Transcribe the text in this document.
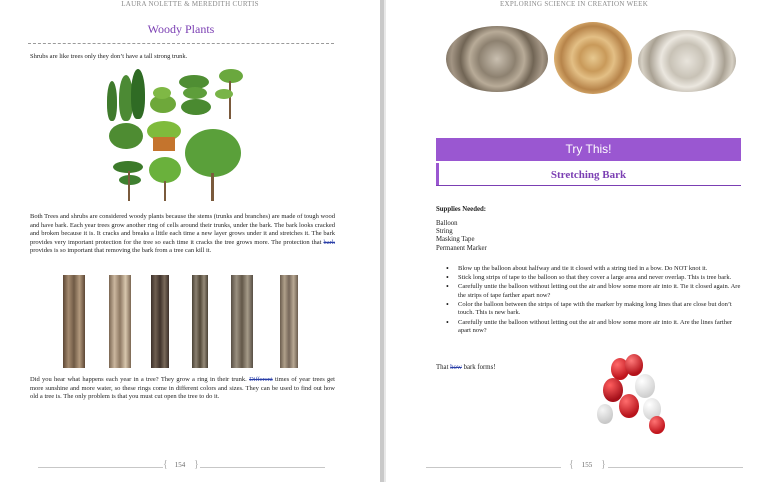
LAURA NOLETTE & MEREDITH CURTIS
Woody Plants
Shrubs are like trees only they don’t have a tall strong trunk.

Both Trees and shrubs are considered woody plants because the stems (trunks and branches) are made of tough wood and have bark. Each year trees grow another ring of cells around their trunks, under the bark. The bark looks cracked and broken because it is. It cracks and breaks a little each time a new layer grows under it and stretches it. The bark provides very important protection for the tree so each time it cracks the tree grows more. The protection that bark provides is so important that removing the bark from a tree can kill it.

Did you hear what happens each year in a tree? They grow a ring in their trunk. Different times of year trees get more sunshine and more water, so these rings come in different colors and sizes. They can be used to find out how old a tree is. The only problem is that you must cut open the tree to do it.

{ 154 }
EXPLORING SCIENCE IN CREATION WEEK
Try This!
Stretching Bark
Supplies Needed:
Balloon
String
Masking Tape
Permanent Marker
• Blow up the balloon about halfway and tie it closed with a string tied in a bow. Do NOT knot it.
• Stick long strips of tape to the balloon so that they cover a large area and never overlap. This is tree bark.
• Carefully untie the balloon without letting out the air and blow some more air into it. Tie it closed again. Are the strips of tape farther apart now?
• Color the balloon between the strips of tape with the marker by making long lines that are close but don’t touch. This is new bark.
• Carefully untie the balloon without letting out the air and blow some more air into it. Are the lines farther apart now?

That how bark forms!

{	155 }
